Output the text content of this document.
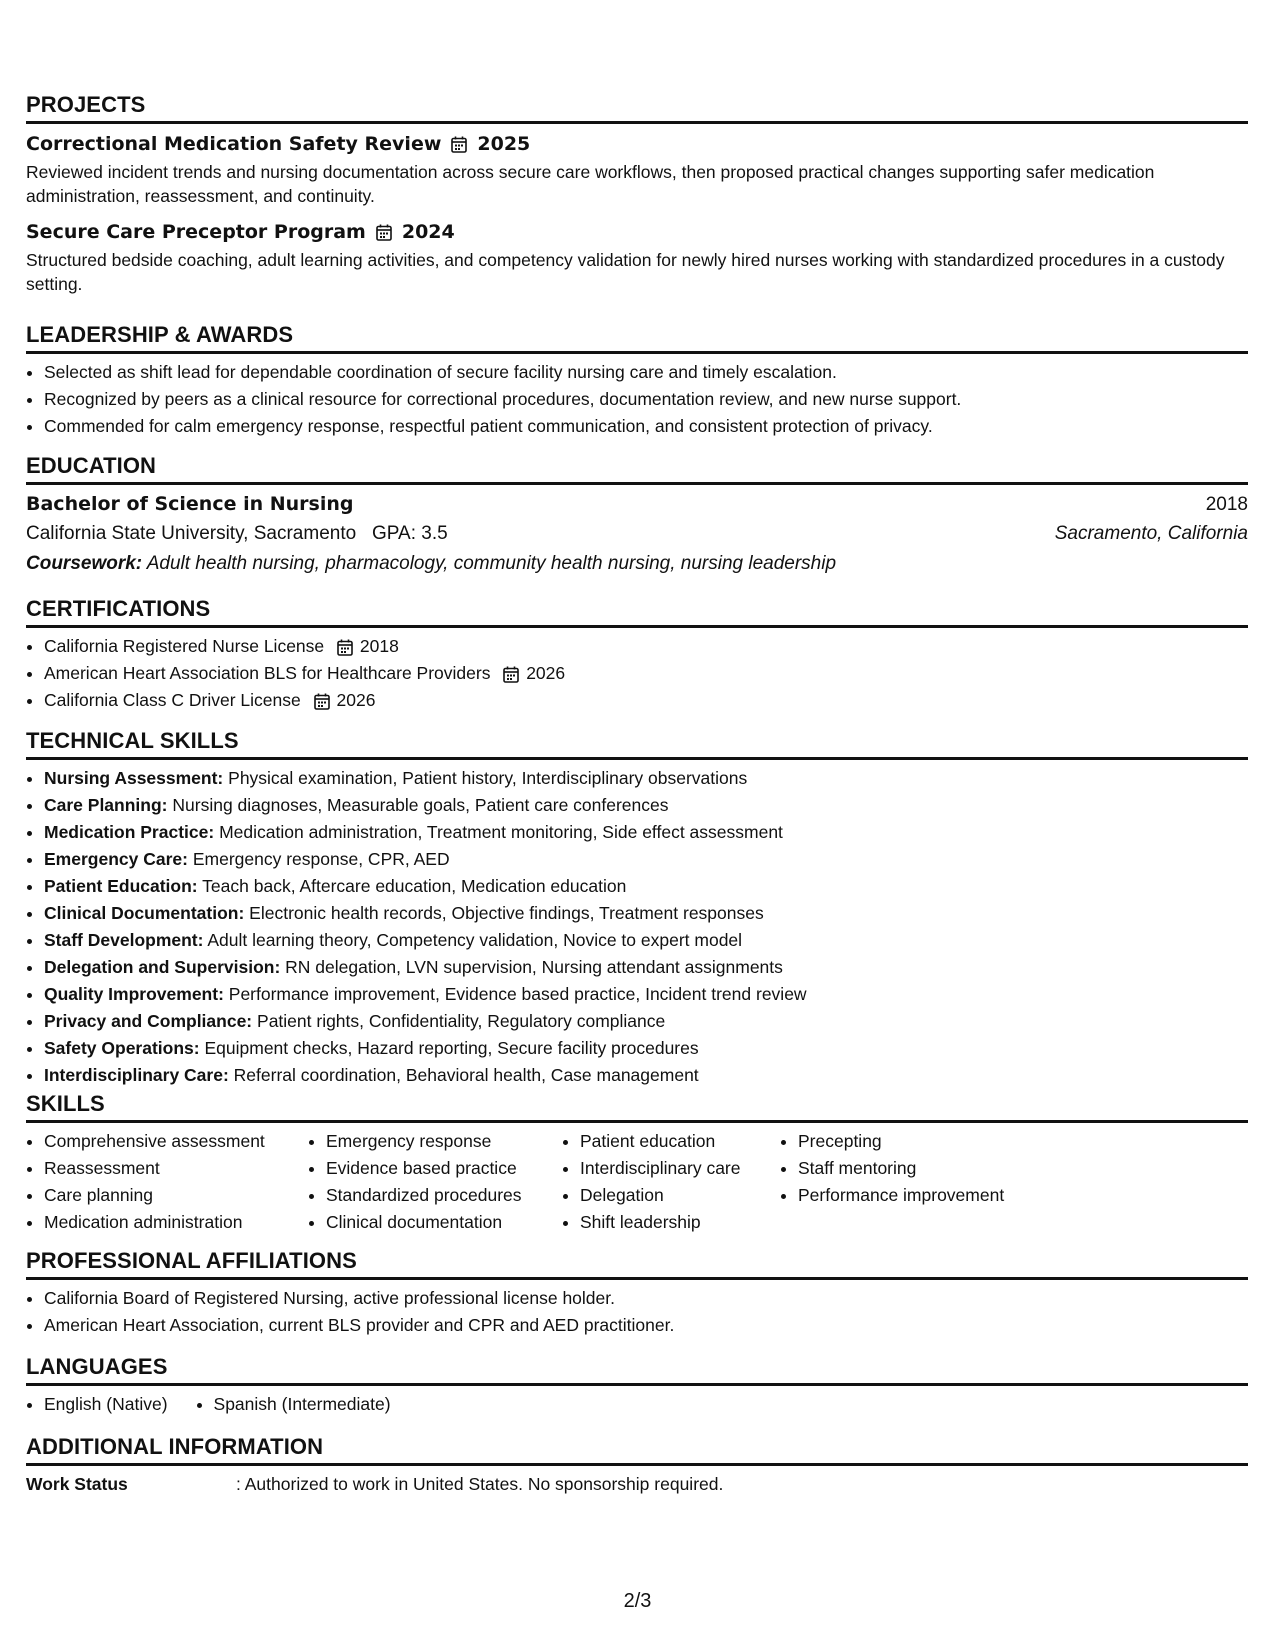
PROJECTS
Correctional Medication Safety Review 2025
Reviewed incident trends and nursing documentation across secure care workflows, then proposed practical changes supporting safer medication administration, reassessment, and continuity.
Secure Care Preceptor Program 2024
Structured bedside coaching, adult learning activities, and competency validation for newly hired nurses working with standardized procedures in a custody setting.
LEADERSHIP & AWARDS
• Selected as shift lead for dependable coordination of secure facility nursing care and timely escalation.
• Recognized by peers as a clinical resource for correctional procedures, documentation review, and new nurse support.
• Commended for calm emergency response, respectful patient communication, and consistent protection of privacy.
EDUCATION
Bachelor of Science in Nursing	2018
California State University, Sacramento GPA: 3.5	Sacramento, California
Coursework: Adult health nursing, pharmacology, community health nursing, nursing leadership
CERTIFICATIONS
• California Registered Nurse License 2018
• American Heart Association BLS for Healthcare Providers 2026
• California Class C Driver License 2026
TECHNICAL SKILLS
• Nursing Assessment: Physical examination, Patient history, Interdisciplinary observations
• Care Planning: Nursing diagnoses, Measurable goals, Patient care conferences
• Medication Practice: Medication administration, Treatment monitoring, Side effect assessment
• Emergency Care: Emergency response, CPR, AED
• Patient Education: Teach back, Aftercare education, Medication education
• Clinical Documentation: Electronic health records, Objective findings, Treatment responses
• Staff Development: Adult learning theory, Competency validation, Novice to expert model
• Delegation and Supervision: RN delegation, LVN supervision, Nursing attendant assignments
• Quality Improvement: Performance improvement, Evidence based practice, Incident trend review
• Privacy and Compliance: Patient rights, Confidentiality, Regulatory compliance
• Safety Operations: Equipment checks, Hazard reporting, Secure facility procedures
• Interdisciplinary Care: Referral coordination, Behavioral health, Case management
SKILLS
• Comprehensive assessment
• Reassessment
• Care planning
• Medication administration
• Emergency response
• Evidence based practice
• Standardized procedures
• Clinical documentation
• Patient education
• Interdisciplinary care
• Delegation
• Shift leadership
• Precepting
• Staff mentoring
• Performance improvement
PROFESSIONAL AFFILIATIONS
• California Board of Registered Nursing, active professional license holder.
• American Heart Association, current BLS provider and CPR and AED practitioner.
LANGUAGES
• English (Native)
•	Spanish (Intermediate)
ADDITIONAL INFORMATION
Work Status	: Authorized to work in United States. No sponsorship required.
2/3
